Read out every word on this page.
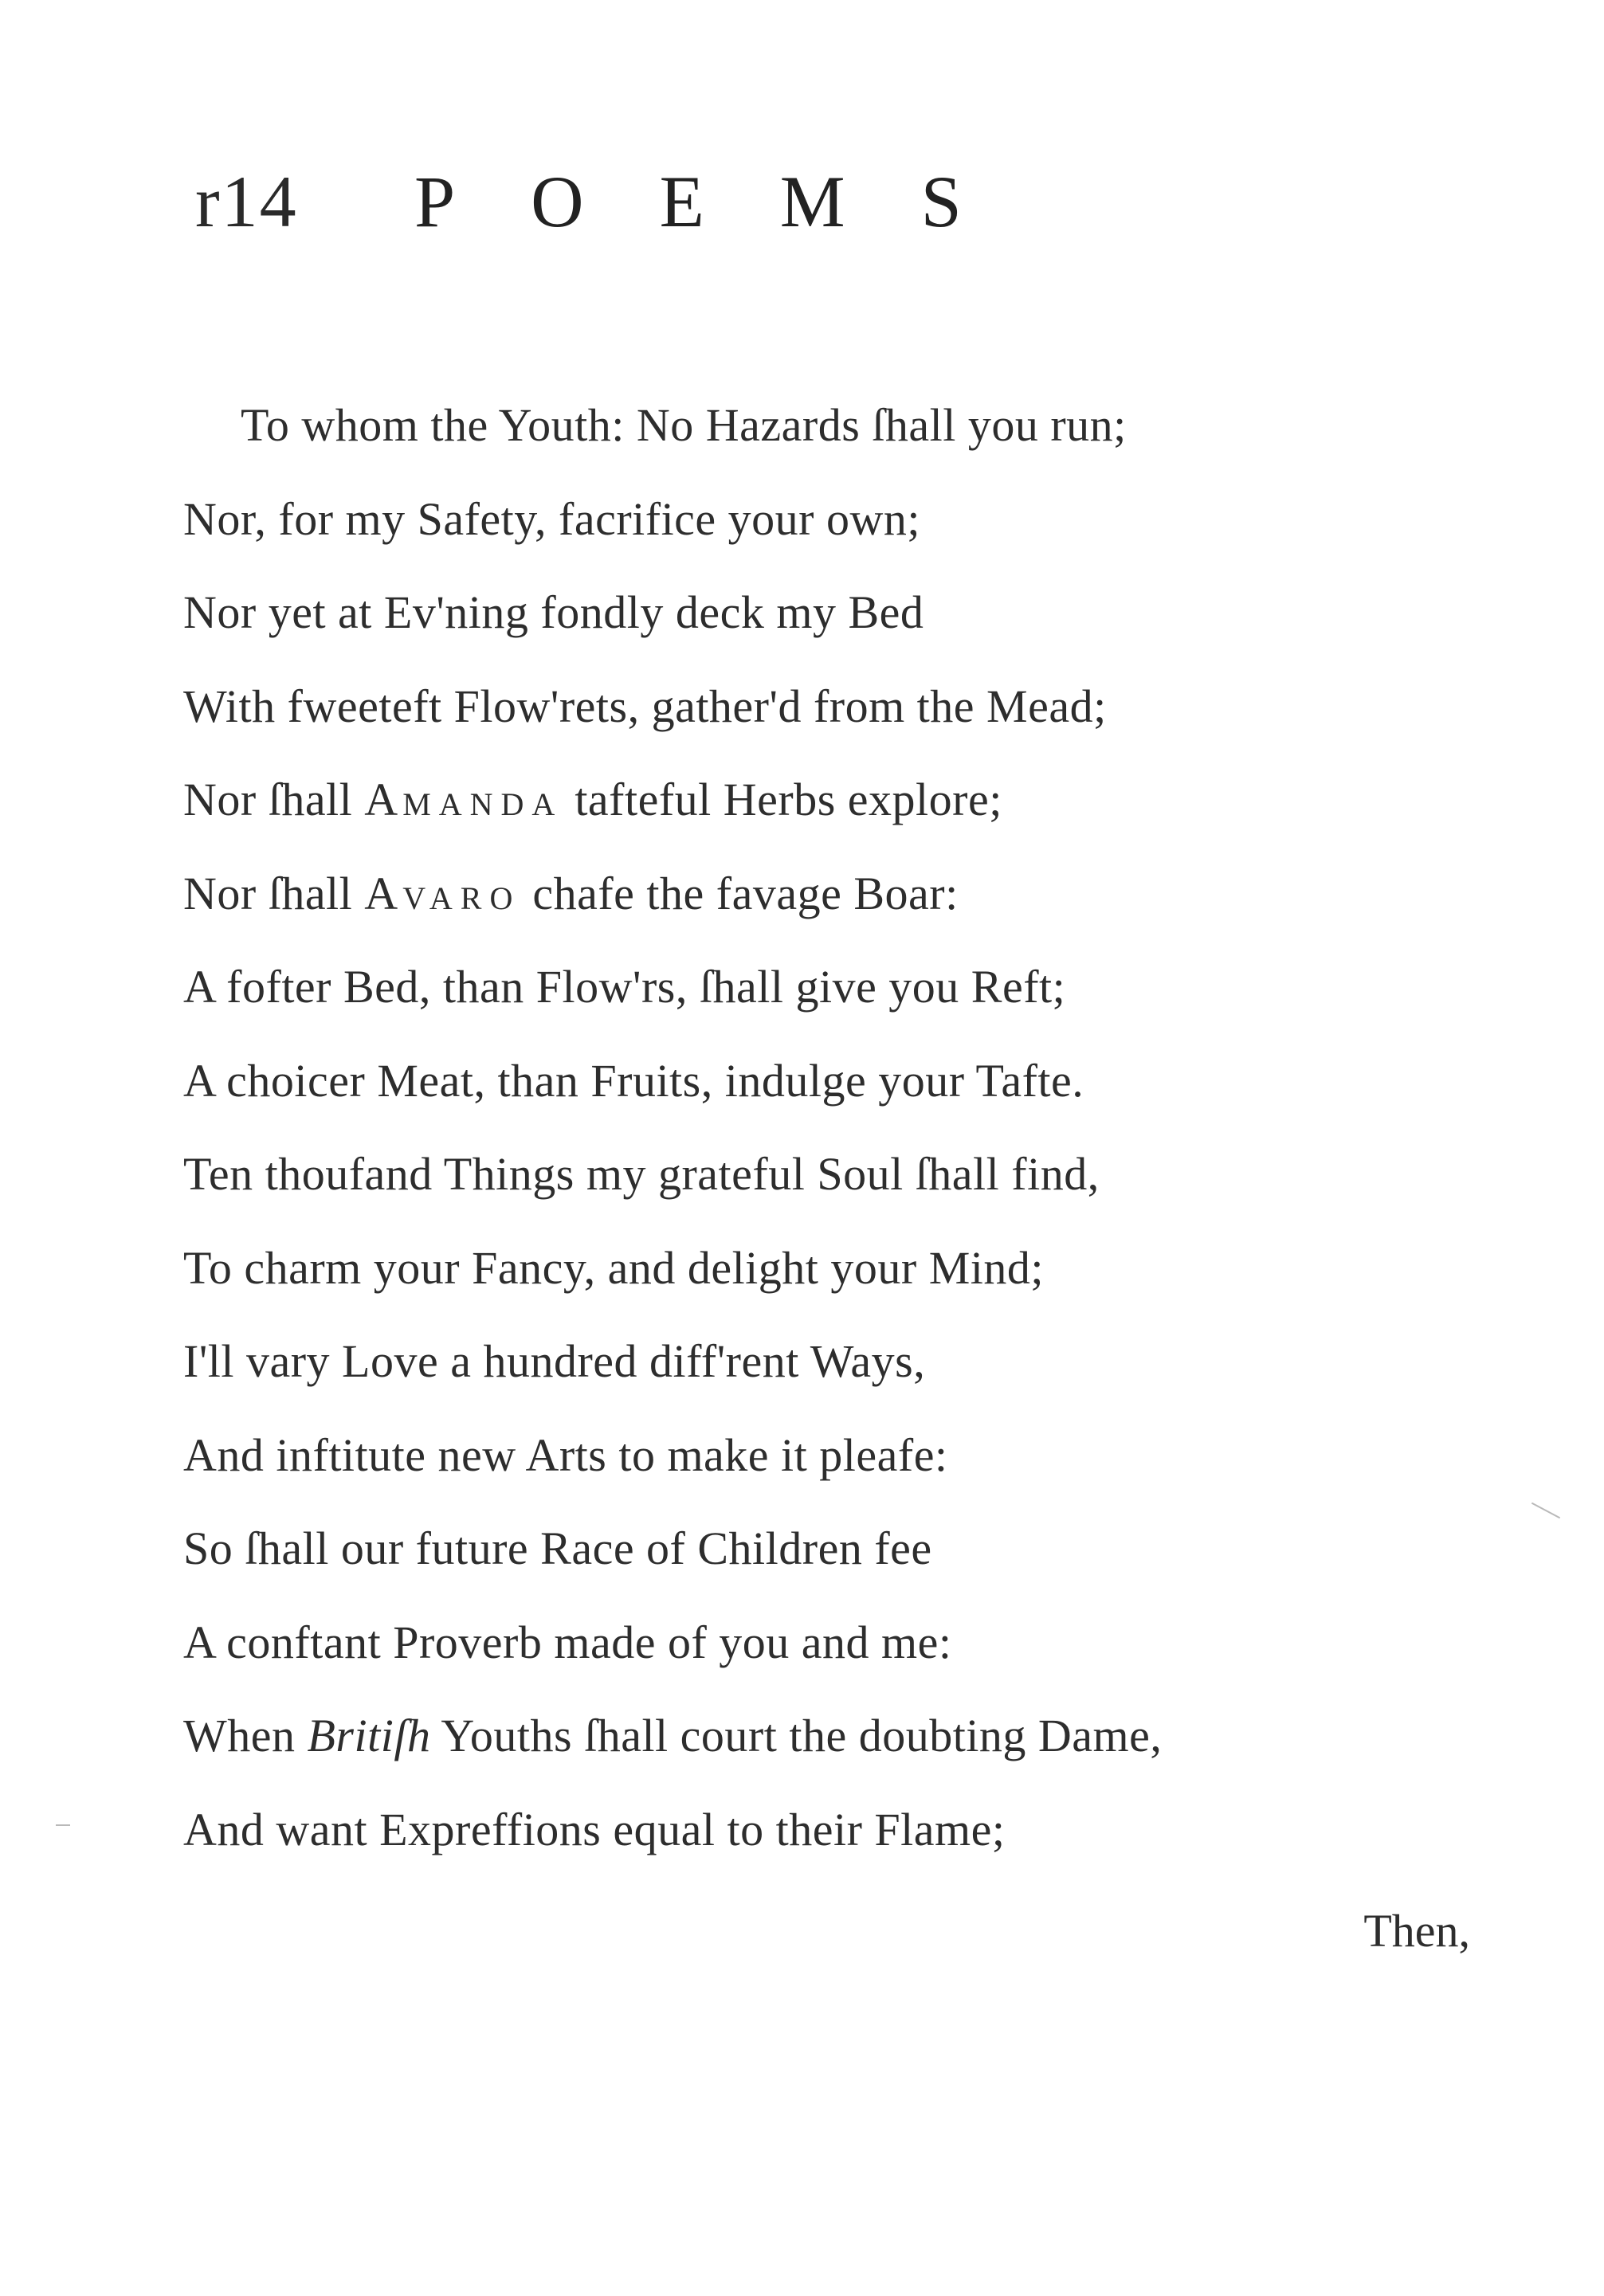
r14 POEMS
To whom the Youth: No Hazards ſhall you run;
Nor, for my Safety, facrifice your own;
Nor yet at Ev'ning fondly deck my Bed
With fweeteft Flow'rets, gather'd from the Mead;
Nor ſhall AMANDA tafteful Herbs explore;
Nor ſhall AVARO chafe the favage Boar:
A fofter Bed, than Flow'rs, ſhall give you Reft;
A choicer Meat, than Fruits, indulge your Tafte.
Ten thoufand Things my grateful Soul ſhall find,
To charm your Fancy, and delight your Mind;
I'll vary Love a hundred diff'rent Ways,
And inftitute new Arts to make it pleafe:
So ſhall our future Race of Children fee
A conftant Proverb made of you and me:
When Britiſh Youths ſhall court the doubting Dame,
And want Expreffions equal to their Flame;
Then,
